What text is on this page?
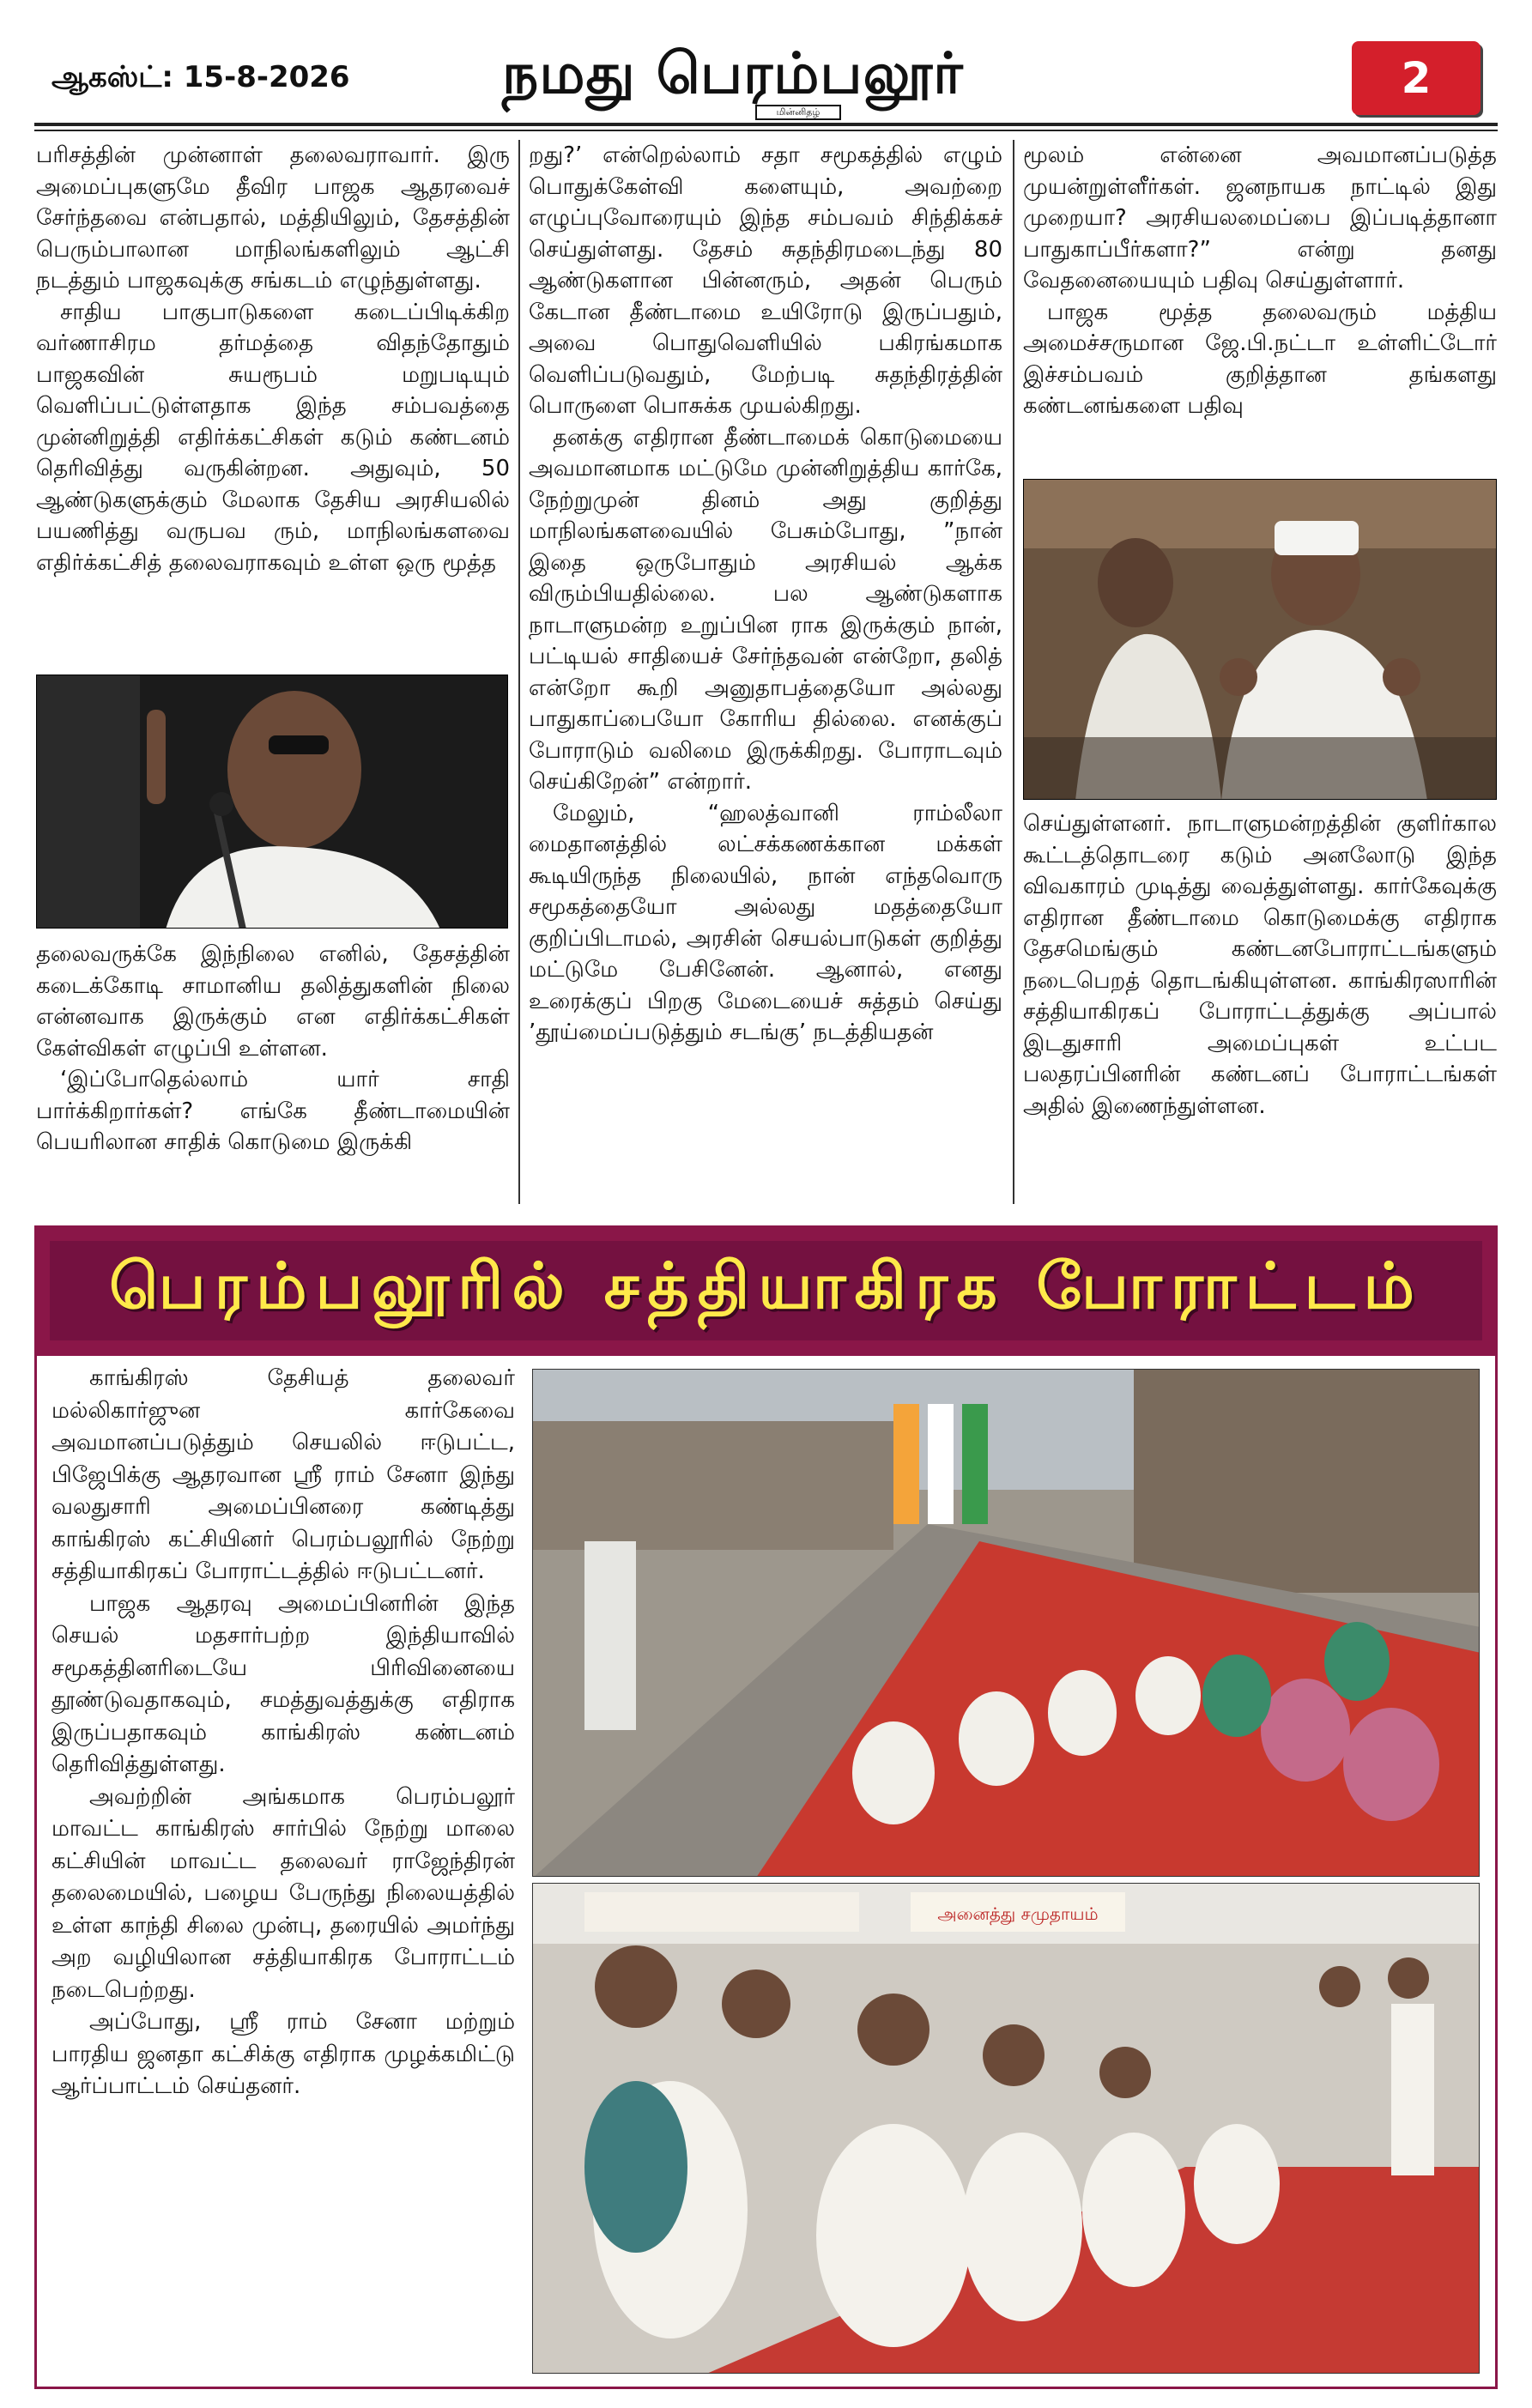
ஆகஸ்ட்: 15-8-2026	நமது பெரம்பலூர்
மின்னிதழ்
2

பரிசத்தின் முன்னாள் தலைவராவார். இரு அமைப்புகளுமே தீவிர பாஜக ஆதரவைச் சேர்ந்தவை என்பதால், மத்தியிலும், தேசத்தின் பெரும்பாலான மாநிலங்களிலும் ஆட்சி நடத்தும் பாஜகவுக்கு சங்கடம் எழுந்துள்ளது.

சாதிய பாகுபாடுகளை கடைப்பிடிக்கிற வர்ணாசிரம தர்மத்தை விதந்தோதும் பாஜகவின் சுயரூபம் மறுபடியும் வெளிப்பட்டுள்ளதாக இந்த சம்பவத்தை முன்னிறுத்தி எதிர்க்கட்சிகள் கடும் கண்டனம் தெரிவித்து வருகின்றன. அதுவும், 50 ஆண்டுகளுக்கும் மேலாக தேசிய அரசியலில் பயணித்து வருபவ ரும், மாநிலங்களவை எதிர்க்கட்சித் தலைவராகவும் உள்ள ஒரு மூத்த

தலைவருக்கே இந்நிலை எனில், தேசத்தின் கடைக்கோடி சாமானிய தலித்துகளின் நிலை என்னவாக இருக்கும் என எதிர்க்கட்சிகள் கேள்விகள் எழுப்பி உள்ளன.

‘இப்போதெல்லாம் யார் சாதி பார்க்கிறார்கள்? எங்கே தீண்டாமையின் பெயரிலான சாதிக் கொடுமை இருக்கி

றது?’ என்றெல்லாம் சதா சமூகத்தில் எழும் பொதுக்கேள்வி களையும், அவற்றை எழுப்புவோரையும் இந்த சம்பவம் சிந்திக்கச் செய்துள்ளது. தேசம் சுதந்திரமடைந்து 80 ஆண்டுகளான பின்னரும், அதன் பெரும் கேடான தீண்டாமை உயிரோடு இருப்பதும், அவை பொதுவெளியில் பகிரங்கமாக வெளிப்படுவதும், மேற்படி சுதந்திரத்தின் பொருளை பொசுக்க முயல்கிறது.

தனக்கு எதிரான தீண்டாமைக் கொடுமையை அவமானமாக மட்டுமே முன்னிறுத்திய கார்கே, நேற்றுமுன் தினம் அது குறித்து மாநிலங்களவையில் பேசும்போது, ”நான் இதை ஒருபோதும் அரசியல் ஆக்க விரும்பியதில்லை. பல ஆண்டுகளாக நாடாளுமன்ற உறுப்பின ராக இருக்கும் நான், பட்டியல் சாதியைச் சேர்ந்தவன் என்றோ, தலித் என்றோ கூறி அனுதாபத்தையோ அல்லது பாதுகாப்பையோ கோரிய தில்லை. எனக்குப் போராடும் வலிமை இருக்கிறது. போராடவும் செய்கிறேன்” என்றார்.

மேலும், “ஹலத்வானி ராம்லீலா மைதானத்தில் லட்சக்கணக்கான மக்கள் கூடியிருந்த நிலையில், நான் எந்தவொரு சமூகத்தையோ அல்லது மதத்தையோ குறிப்பிடாமல், அரசின் செயல்பாடுகள் குறித்து மட்டுமே பேசினேன். ஆனால், எனது உரைக்குப் பிறகு மேடையைச் சுத்தம் செய்து ’தூய்மைப்படுத்தும் சடங்கு’ நடத்தியதன்

மூலம் என்னை அவமானப்படுத்த முயன்றுள்ளீர்கள். ஜனநாயக நாட்டில் இது முறையா? அரசியலமைப்பை இப்படித்தானா பாதுகாப்பீர்களா?” என்று தனது வேதனையையும் பதிவு செய்துள்ளார்.

பாஜக மூத்த தலைவரும் மத்திய அமைச்சருமான ஜே.பி.நட்டா உள்ளிட்டோர் இச்சம்பவம் குறித்தான தங்களது கண்டனங்களை பதிவு

செய்துள்ளனர். நாடாளுமன்றத்தின் குளிர்கால கூட்டத்தொடரை கடும் அனலோடு இந்த விவகாரம் முடித்து வைத்துள்ளது. கார்கேவுக்கு எதிரான தீண்டாமை கொடுமைக்கு எதிராக தேசமெங்கும் கண்டனபோராட்டங்களும் நடைபெறத் தொடங்கியுள்ளன. காங்கிரஸாரின் சத்தியாகிரகப் போராட்டத்துக்கு அப்பால் இடதுசாரி அமைப்புகள் உட்பட பலதரப்பினரின் கண்டனப் போராட்டங்கள் அதில் இணைந்துள்ளன.

பெரம்பலூரில் சத்தியாகிரக போராட்டம்

காங்கிரஸ் தேசியத் தலைவர் மல்லிகார்ஜுன கார்கேவை அவமானப்படுத்தும் செயலில் ஈடுபட்ட, பிஜேபிக்கு ஆதரவான ஸ்ரீ ராம் சேனா இந்து வலதுசாரி அமைப்பினரை கண்டித்து காங்கிரஸ் கட்சியினர் பெரம்பலூரில் நேற்று சத்தியாகிரகப் போராட்டத்தில் ஈடுபட்டனர்.

பாஜக ஆதரவு அமைப்பினரின் இந்த செயல் மதசார்பற்ற இந்தியாவில் சமூகத்தினரிடையே பிரிவினையை தூண்டுவதாகவும், சமத்துவத்துக்கு எதிராக இருப்பதாகவும் காங்கிரஸ் கண்டனம் தெரிவித்துள்ளது.

அவற்றின் அங்கமாக பெரம்பலூர் மாவட்ட காங்கிரஸ் சார்பில் நேற்று மாலை கட்சியின் மாவட்ட தலைவர் ராஜேந்திரன் தலைமையில், பழைய பேருந்து நிலையத்தில் உள்ள காந்தி சிலை முன்பு, தரையில் அமர்ந்து அற வழியிலான சத்தியாகிரக போராட்டம் நடைபெற்றது.

அப்போது, ஸ்ரீ ராம் சேனா மற்றும் பாரதிய ஜனதா கட்சிக்கு எதிராக முழக்கமிட்டு ஆர்ப்பாட்டம் செய்தனர்.

அனைத்து சமுதாயம்
